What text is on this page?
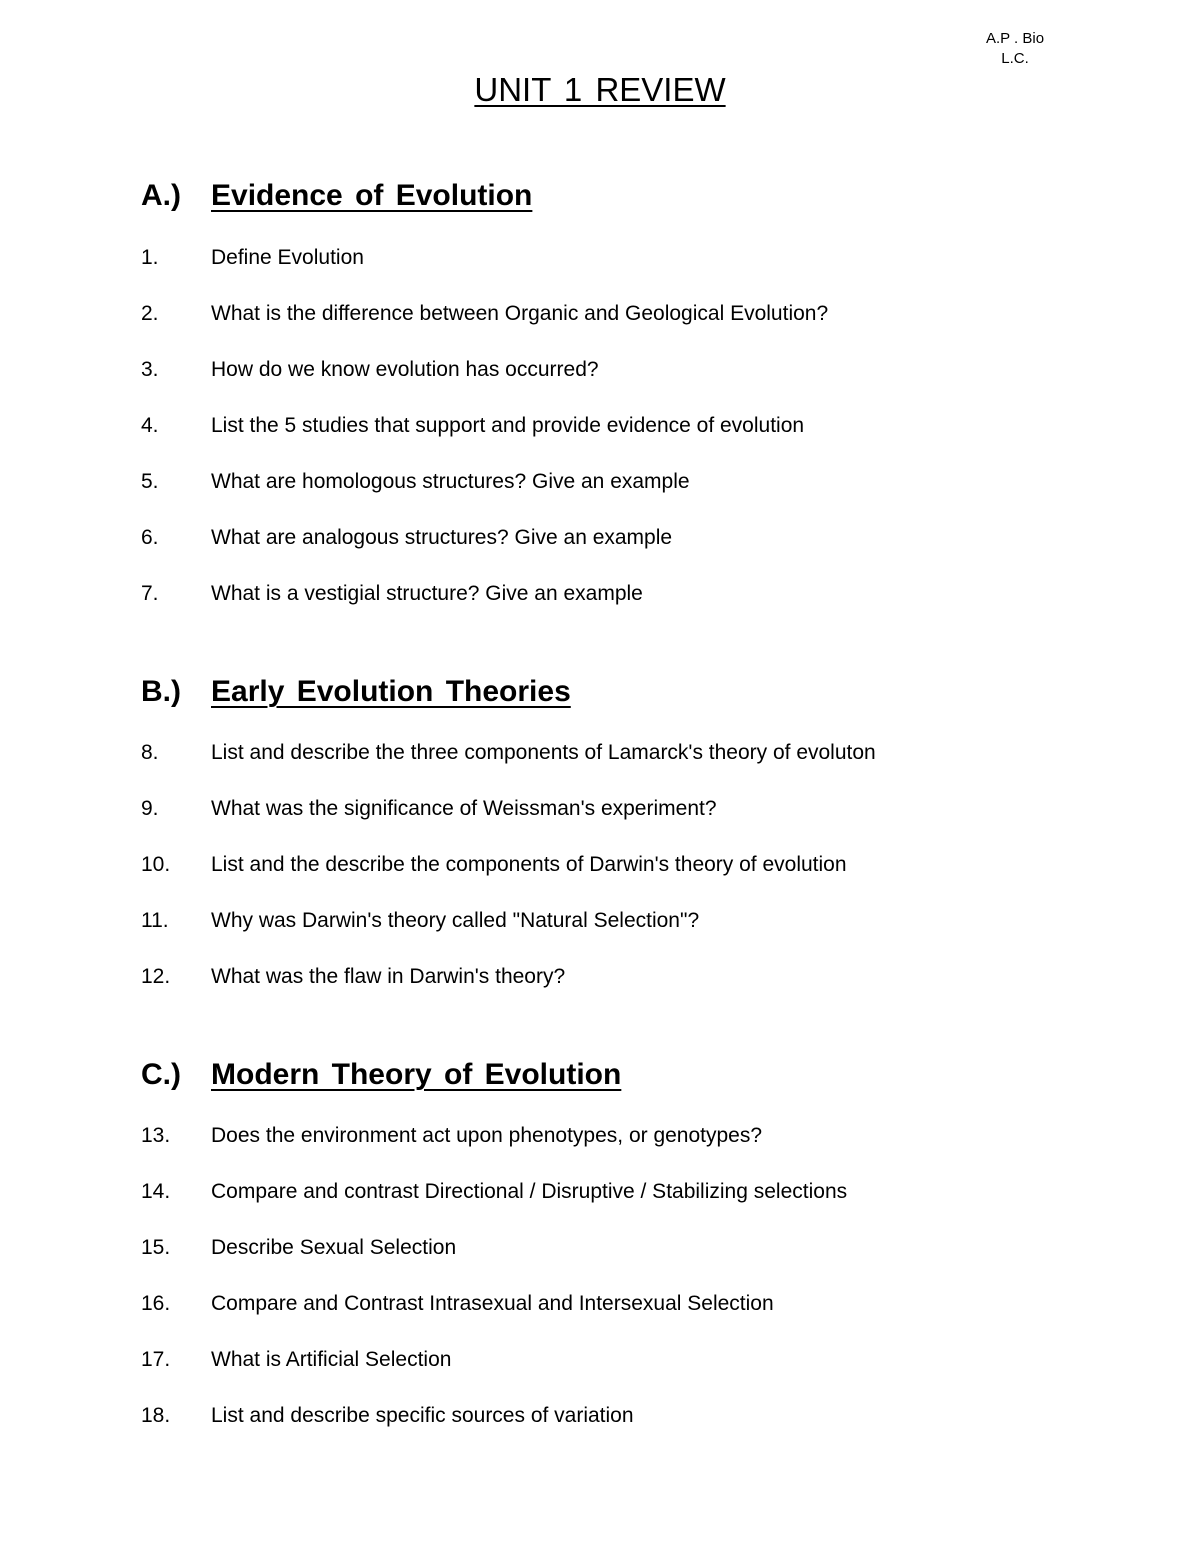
A.P . Bio
L.C.
UNIT 1 REVIEW
A.) Evidence of Evolution
1. Define Evolution
2. What is the difference between Organic and Geological Evolution?
3. How do we know evolution has occurred?
4. List the 5 studies that support and provide evidence of evolution
5. What are homologous structures? Give an example
6. What are analogous structures? Give an example
7. What is a vestigial structure? Give an example
B.) Early Evolution Theories
8. List and describe the three components of Lamarck's theory of evoluton
9. What was the significance of Weissman's experiment?
10. List and the describe the components of Darwin's theory of evolution
11. Why was Darwin's theory called "Natural Selection"?
12. What was the flaw in Darwin's theory?
C.) Modern Theory of Evolution
13. Does the environment act upon phenotypes, or genotypes?
14. Compare and contrast Directional / Disruptive / Stabilizing selections
15. Describe Sexual Selection
16. Compare and Contrast Intrasexual and Intersexual Selection
17. What is Artificial Selection
18. List and describe specific sources of variation
